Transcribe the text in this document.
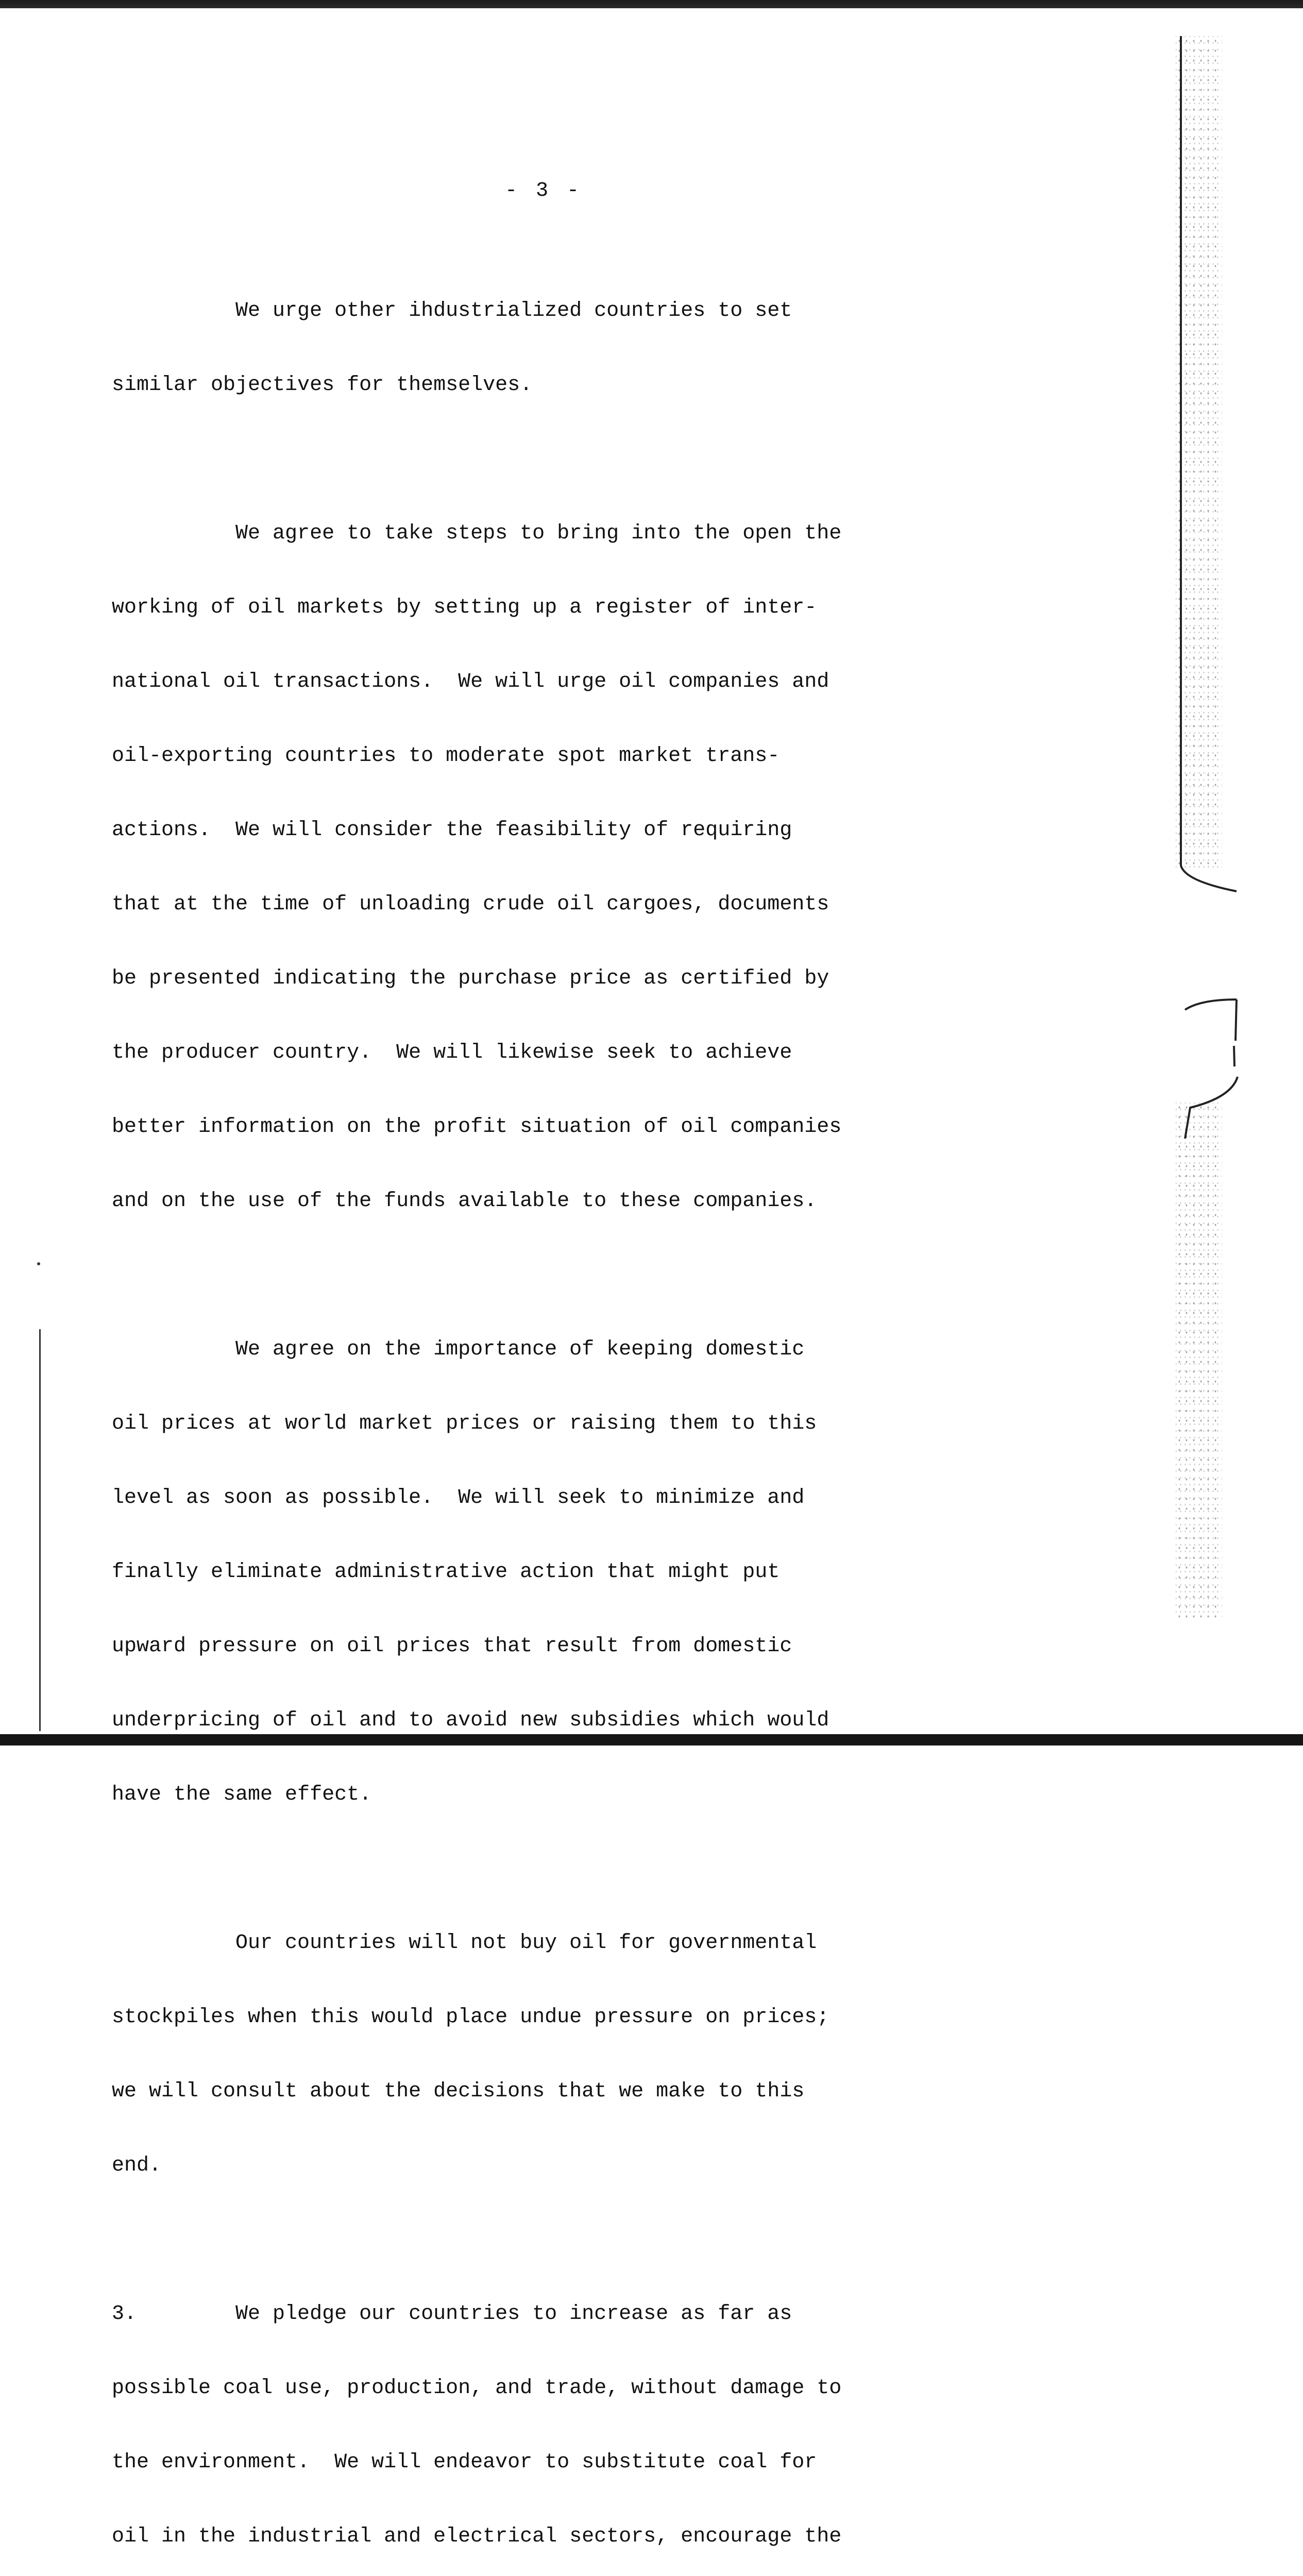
- 3 -

We urge other ihdustrialized countries to set

similar objectives for themselves.

We agree to take steps to bring into the open the

working of oil markets by setting up a register of inter-

national oil transactions.  We will urge oil companies and

oil-exporting countries to moderate spot market trans-

actions.  We will consider the feasibility of requiring

that at the time of unloading crude oil cargoes, documents

be presented indicating the purchase price as certified by

the producer country.  We will likewise seek to achieve

better information on the profit situation of oil companies

and on the use of the funds available to these companies.

We agree on the importance of keeping domestic

oil prices at world market prices or raising them to this

level as soon as possible.  We will seek to minimize and

finally eliminate administrative action that might put

upward pressure on oil prices that result from domestic

underpricing of oil and to avoid new subsidies which would

have the same effect.

Our countries will not buy oil for governmental

stockpiles when this would place undue pressure on prices;

we will consult about the decisions that we make to this

end.

3.        We pledge our countries to increase as far as

possible coal use, production, and trade, without damage to

the environment.  We will endeavor to substitute coal for

oil in the industrial and electrical sectors, encourage the
